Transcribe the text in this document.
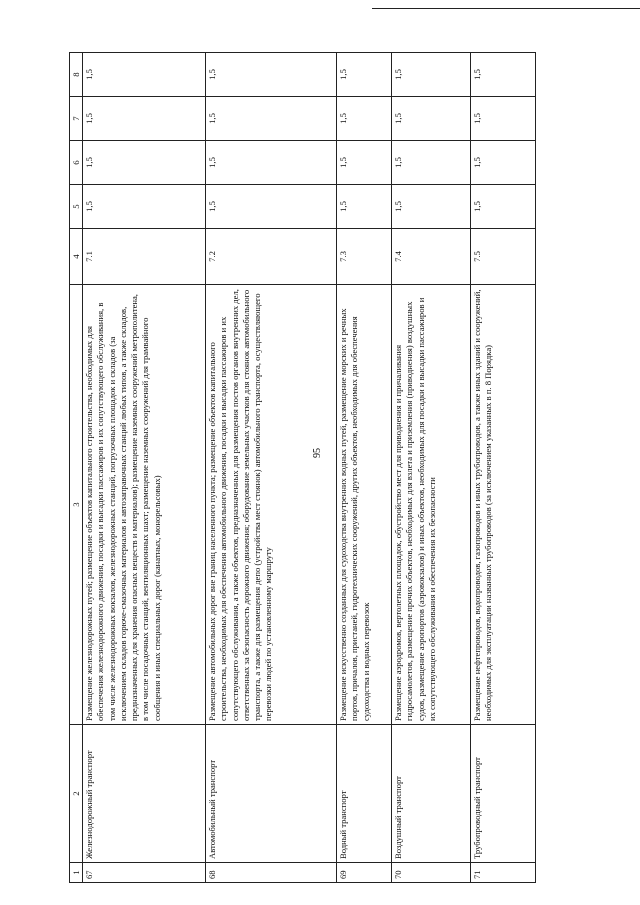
95
1	2	3	4	5	6	7	8
67	Железнодорожный транспорт	Размещение железнодорожных путей; размещение объектов капитального строительства, необходимых для обеспечения железнодорожного движения, посадки и высадки пассажиров и их сопутствующего обслуживания, в том числе железнодорожных вокзалов, железнодорожных станций, погрузочных площадок и складов (за исключением складов горюче-смазочных материалов и автозаправочных станций любых типов, а также складов, предназначенных для хранения опасных веществ и материалов); размещение наземных сооружений метрополитена, в том числе посадочных станций, вентиляционных шахт; размещение наземных сооружений для трамвайного сообщения и иных специальных дорог (канатных, монорельсовых)	7.1	1,5	1,5	1,5	1,5
68	Автомобильный транспорт	Размещение автомобильных дорог вне границ населенного пункта; размещение объектов капитального строительства, необходимых для обеспечения автомобильного движения, посадки и высадки пассажиров и их сопутствующего обслуживания, а также объектов, предназначенных для размещения постов органов внутренних дел, ответственных за безопасность дорожного движения; оборудование земельных участков для стоянок автомобильного транспорта, а также для размещения депо (устройства мест стоянок) автомобильного транспорта, осуществляющего перевозки людей по установленному маршруту	7.2	1,5	1,5	1,5	1,5
69	Водный транспорт	Размещение искусственно созданных для судоходства внутренних водных путей, размещение морских и речных портов, причалов, пристаней, гидротехнических сооружений, других объектов, необходимых для обеспечения судоходства и водных перевозок	7.3	1,5	1,5	1,5	1,5
70	Воздушный транспорт	Размещение аэродромов, вертолетных площадок, обустройство мест для приводнения и причаливания гидросамолетов, размещение прочих объектов, необходимых для взлета и приземления (приводнения) воздушных судов, размещение аэропортов (аэровокзалов) и иных объектов, необходимых для посадки и высадки пассажиров и их сопутствующего обслуживания и обеспечения их безопасности	7.4	1,5	1,5	1,5	1,5
71	Трубопроводный транспорт	Размещение нефтепроводов, водопроводов, газопроводов и иных трубопроводов, а также иных зданий и сооружений, необходимых для эксплуатации названных трубопроводов (за исключением указанных в п. 8 Порядка)	7.5	1,5	1,5	1,5	1,5
